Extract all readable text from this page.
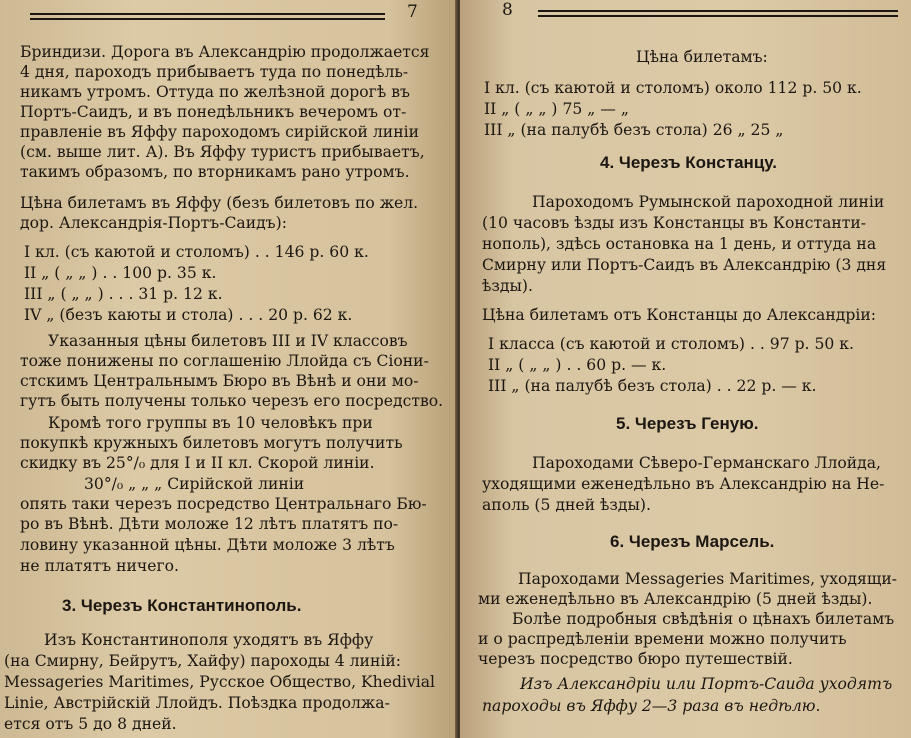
7
Бриндизи. Дорога въ Александрію продолжается
4 дня, пароходъ прибываетъ туда по понедѣль-
никамъ утромъ. Оттуда по желѣзной дорогѣ въ
Портъ-Саидъ, и въ понедѣльникъ вечеромъ от-
правленіе въ Яффу пароходомъ сирійской линіи
(см. выше лит. А). Въ Яффу туристъ прибываетъ,
такимъ образомъ, по вторникамъ рано утромъ.
Цѣна билетамъ въ Яффу (безъ билетовъ по жел.
дор. Александрія-Портъ-Саидъ):
I кл. (съ каютой и столомъ) . . 146 р. 60 к.
II „ ( „ „ ) . . 100 р. 35 к.
III „ ( „ „ ) . . . 31 р. 12 к.
IV „ (безъ каюты и стола) . . . 20 р. 62 к.
Указанныя цѣны билетовъ III и IV классовъ
тоже понижены по соглашенію Ллойда съ Сіони-
стскимъ Центральнымъ Бюро въ Вѣнѣ и они мо-
гутъ быть получены только черезъ его посредство.
Кромѣ того группы въ 10 человѣкъ при
покупкѣ кружныхъ билетовъ могутъ получить
скидку въ 25°/₀ для I и II кл. Скорой линіи.
30°/₀ „ „ „ Сирійской линіи
опять таки черезъ посредство Центральнаго Бю-
ро въ Вѣнѣ. Дѣти моложе 12 лѣтъ платятъ по-
ловину указанной цѣны. Дѣти моложе 3 лѣтъ
не платятъ ничего.
3. Черезъ Константинополь.
Изъ Константинополя уходятъ въ Яффу
(на Смирну, Бейрутъ, Хайфу) пароходы 4 линій:
Messageries Maritimes, Русское Общество, Khedivial
Linie, Австрійскій Ллойдъ. Поѣздка продолжа-
ется отъ 5 до 8 дней.
8
Цѣна билетамъ:
I кл. (съ каютой и столомъ) около 112 р. 50 к.
II „ ( „ „ ) 75 „ — „
III „ (на палубѣ безъ стола) 26 „ 25 „
4. Черезъ Констанцу.
Пароходомъ Румынской пароходной линіи
(10 часовъ ѣзды изъ Констанцы въ Константи-
нополь), здѣсь остановка на 1 день, и оттуда на
Смирну или Портъ-Саидъ въ Александрію (3 дня
ѣзды).
Цѣна билетамъ отъ Констанцы до Александріи:
I класса (съ каютой и столомъ) . . 97 р. 50 к.
II „ ( „ „ ) . . 60 р. — к.
III „ (на палубѣ безъ стола) . . 22 р. — к.
5. Черезъ Геную.
Пароходами Сѣверо-Германскаго Ллойда,
уходящими еженедѣльно въ Александрію на Не-
аполь (5 дней ѣзды).
6. Черезъ Марсель.
Пароходами Messageries Maritimes, уходящи-
ми еженедѣльно въ Александрію (5 дней ѣзды).
Болѣе подробныя свѣдѣнія о цѣнахъ билетамъ
и о распредѣленіи времени можно получить
черезъ посредство бюро путешествій.
Изъ Александріи или Портъ-Саида уходятъ
пароходы въ Яффу 2—3 раза въ недѣлю.
